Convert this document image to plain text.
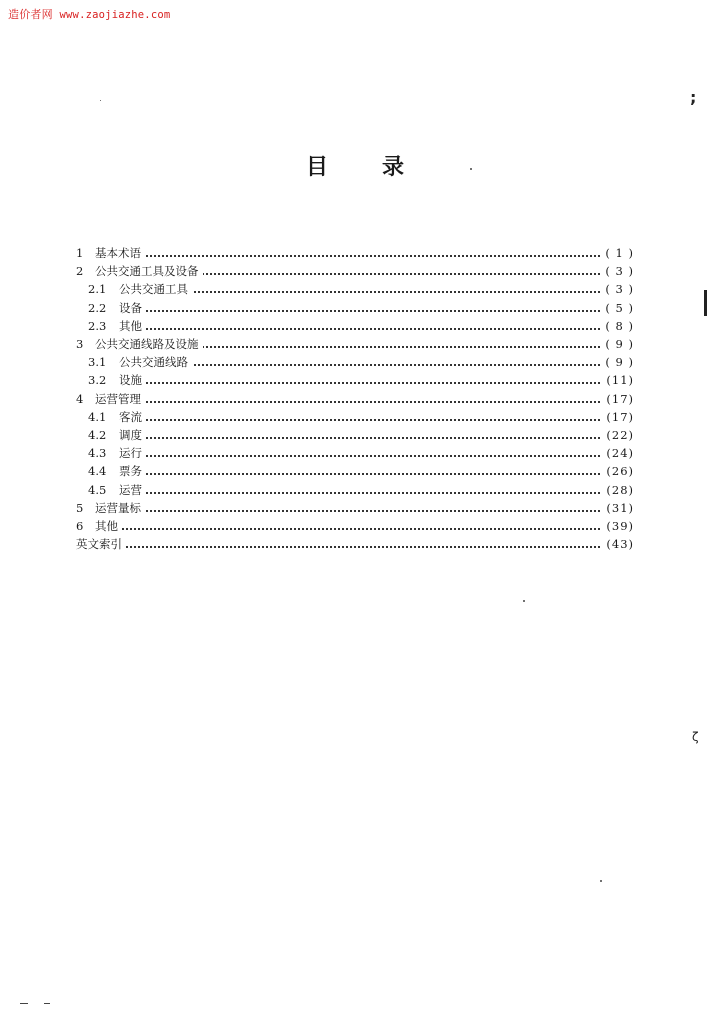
造价者网 www.zaojiazhe.com
目录
1 基本术语	( 1 )
2 公共交通工具及设备	( 3 )
2.1 公共交通工具	( 3 )
2.2 设备	( 5 )
2.3 其他	( 8 )
3 公共交通线路及设施	( 9 )
3.1 公共交通线路	( 9 )
3.2 设施	(11)
4 运营管理	(17)
4.1 客流	(17)
4.2 调度	(22)
4.3 运行	(24)
4.4 票务	(26)
4.5 运营	(28)
5 运营量标	(31)
6 其他	(39)
英文索引	(43)
;
ζ
